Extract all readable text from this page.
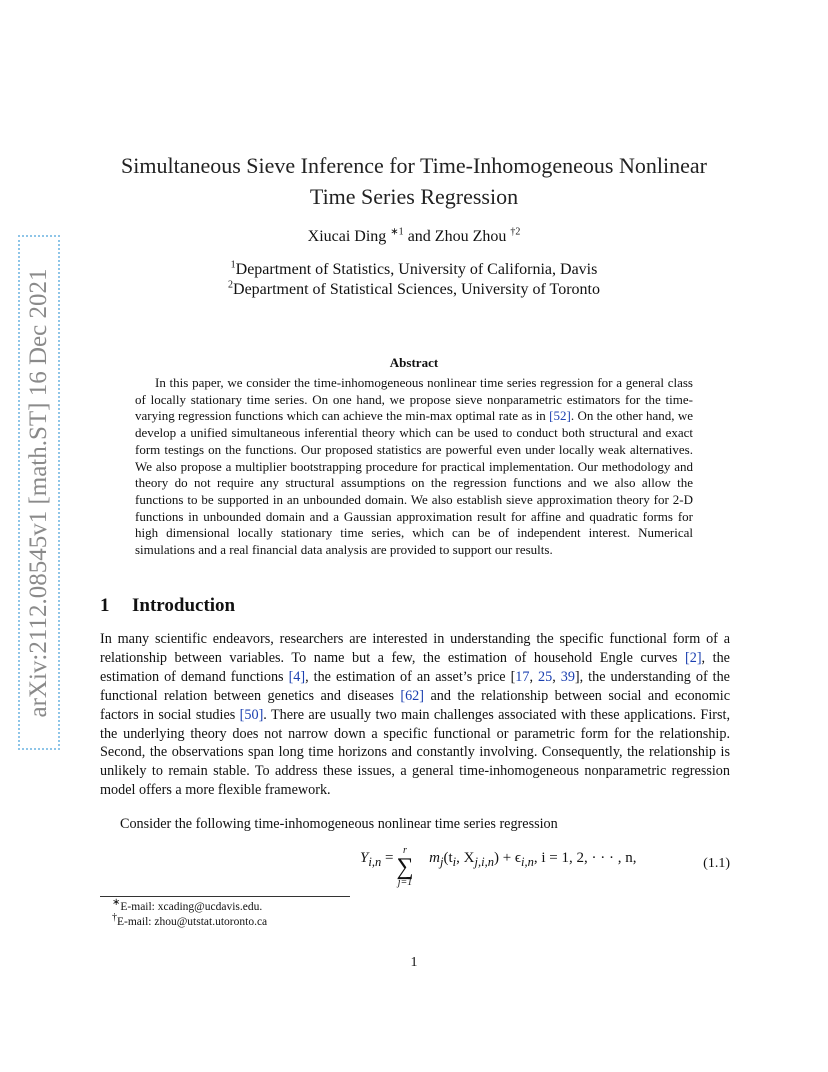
arXiv:2112.08545v1 [math.ST] 16 Dec 2021
Simultaneous Sieve Inference for Time-Inhomogeneous Nonlinear
Time Series Regression
Xiucai Ding $^{∗1}$ and Zhou Zhou $^{\dagger 2}$
$^1$Department of Statistics, University of California, Davis
$^2$Department of Statistical Sciences, University of Toronto
Abstract
In this paper, we consider the time-inhomogeneous nonlinear time series regression for a general class of locally stationary time series. On one hand, we propose sieve nonparametric estimators for the time-varying regression functions which can achieve the min-max optimal rate as in [52]. On the other hand, we develop a unified simultaneous inferential theory which can be used to conduct both structural and exact form testings on the functions. Our proposed statistics are powerful even under locally weak alternatives. We also propose a multiplier bootstrapping procedure for practical implementation. Our methodology and theory do not require any structural assumptions on the regression functions and we also allow the functions to be supported in an unbounded domain. We also establish sieve approximation theory for 2-D functions in unbounded domain and a Gaussian approximation result for affine and quadratic forms for high dimensional locally stationary time series, which can be of independent interest. Numerical simulations and a real financial data analysis are provided to support our results.
1 Introduction
In many scientific endeavors, researchers are interested in understanding the specific functional form of a relationship between variables. To name but a few, the estimation of household Engle curves [2], the estimation of demand functions [4], the estimation of an asset’s price [17, 25, 39], the understanding of the functional relation between genetics and diseases [62] and the relationship between social and economic factors in social studies [50]. There are usually two main challenges associated with these applications. First, the underlying theory does not narrow down a specific functional or parametric form for the relationship. Second, the observations span long time horizons and constantly involving. Consequently, the relationship is unlikely to remain stable. To address these issues, a general time-inhomogeneous nonparametric regression model offers a more flexible framework.
Consider the following time-inhomogeneous nonlinear time series regression
$Y_{i,n} = m_j(t_i$, $X_{j,i,n}) + \epsilon_{i,n}$, i = 1, 2, · · · , n,
r
∑
j=1
(1.1)
∗E-mail: xcading@ucdavis.edu.
†E-mail: zhou@utstat.utoronto.ca
1
